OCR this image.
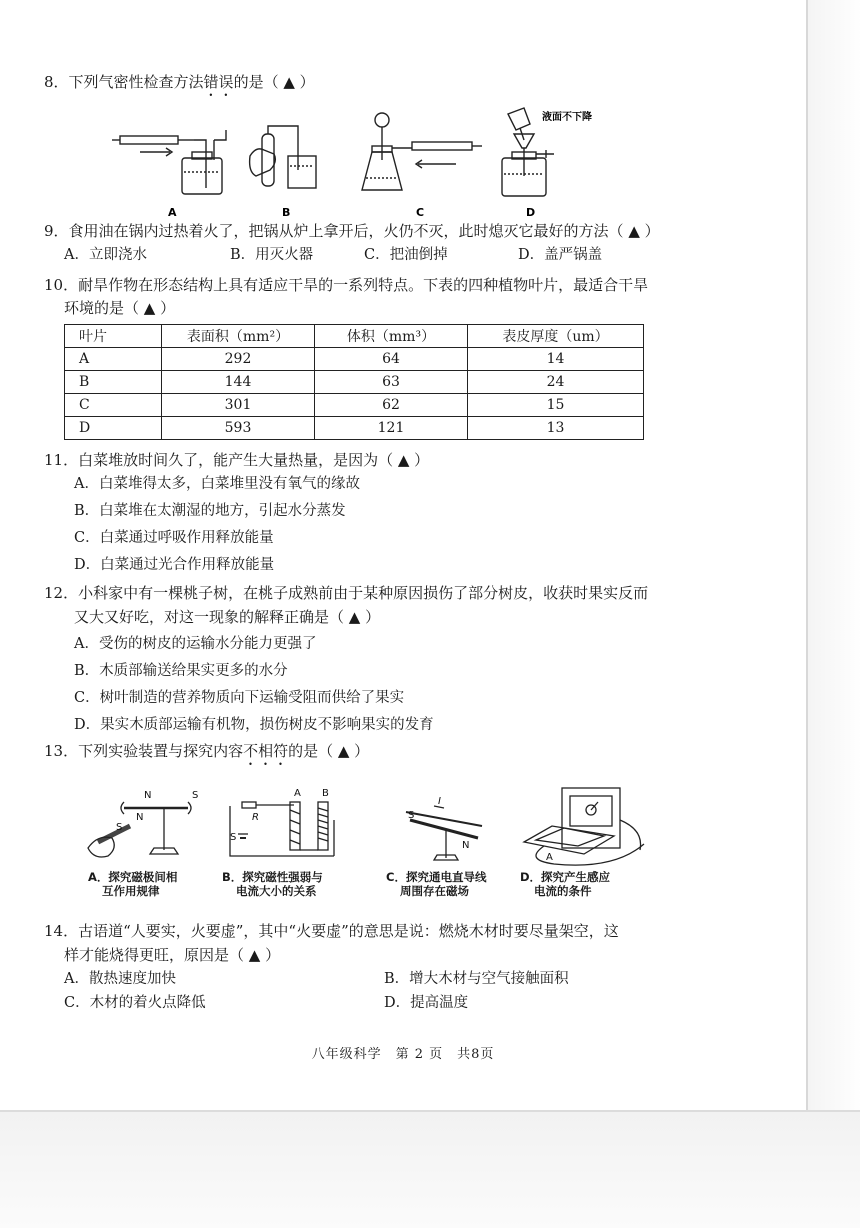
8．下列气密性检查方法错误的是（ ▲ ）
A	B	C	D
液面不下降
9．食用油在锅内过热着火了，把锅从炉上拿开后，火仍不灭，此时熄灭它最好的方法（ ▲ ）
A．立即浇水	B．用灭火器	C．把油倒掉	D．盖严锅盖
10．耐旱作物在形态结构上具有适应干旱的一系列特点。下表的四种植物叶片，最适合干旱
环境的是（ ▲ ）
叶片	表面积（mm²）	体积（mm³）	表皮厚度（um）
A	292	64	14
B	144	63	24
C	301	62	15
D	593	121	13
11．白菜堆放时间久了，能产生大量热量，是因为（ ▲ ）
A．白菜堆得太多，白菜堆里没有氧气的缘故
B．白菜堆在太潮湿的地方，引起水分蒸发
C．白菜通过呼吸作用释放能量
D．白菜通过光合作用释放能量
12．小科家中有一棵桃子树，在桃子成熟前由于某种原因损伤了部分树皮，收获时果实反而
又大又好吃，对这一现象的解释正确是（ ▲ ）
A．受伤的树皮的运输水分能力更强了
B．木质部输送给果实更多的水分
C．树叶制造的营养物质向下运输受阻而供给了果实
D．果实木质部运输有机物，损伤树皮不影响果实的发育
13．下列实验装置与探究内容不相符的是（ ▲ ）
N	S
S
N	R
A B
S
S
I
N
A
A．探究磁极间相
互作用规律
B．探究磁性强弱与
电流大小的关系
C．探究通电直导线
周围存在磁场
D．探究产生感应
电流的条件
14．古语道“人要实，火要虚”，其中“火要虚”的意思是说：燃烧木材时要尽量架空，这
样才能烧得更旺，原因是（ ▲ ）
A．散热速度加快	B．增大木材与空气接触面积
C．木材的着火点降低	D．提高温度
八年级科学　第 2 页　共8页
